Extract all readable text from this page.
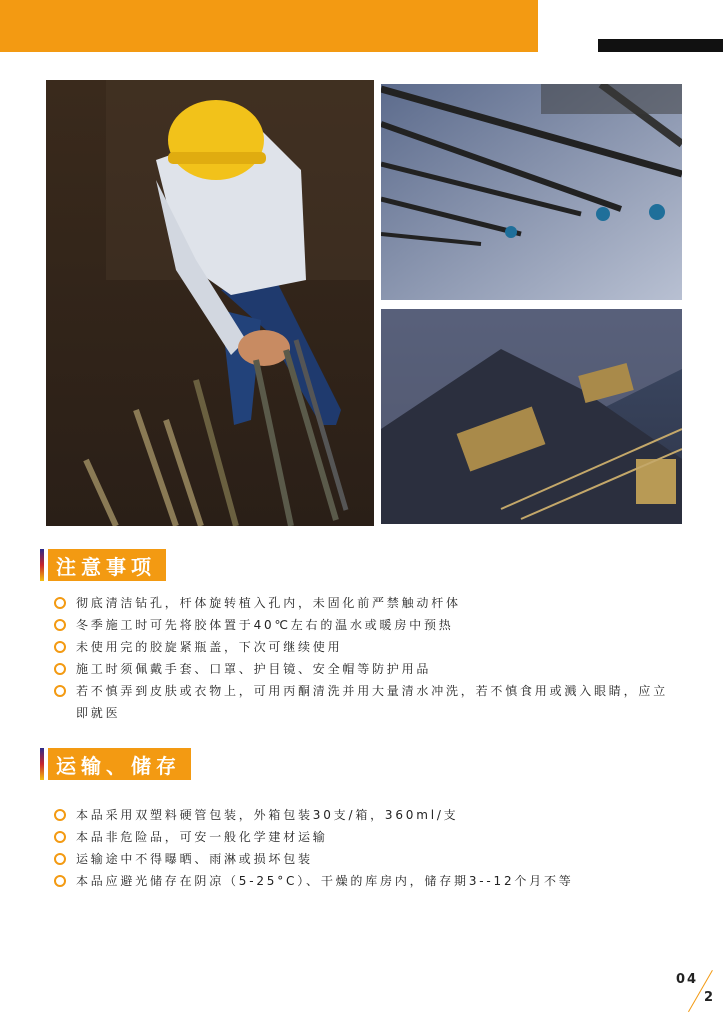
注意事项
彻底清洁钻孔，杆体旋转植入孔内，未固化前严禁触动杆体
冬季施工时可先将胶体置于40℃左右的温水或暖房中预热
未使用完的胶旋紧瓶盖，下次可继续使用
施工时须佩戴手套、口罩、护目镜、安全帽等防护用品
若不慎弄到皮肤或衣物上，可用丙酮清洗并用大量清水冲洗，若不慎食用或溅入眼睛，应立即就医
运输、储存
本品采用双塑料硬管包装，外箱包装30支/箱，360ml/支
本品非危险品，可安一般化学建材运输
运输途中不得曝晒、雨淋或损坏包装
本品应避光储存在阴凉（5-25°C）、干燥的库房内，储存期3--12个月不等
04
2
